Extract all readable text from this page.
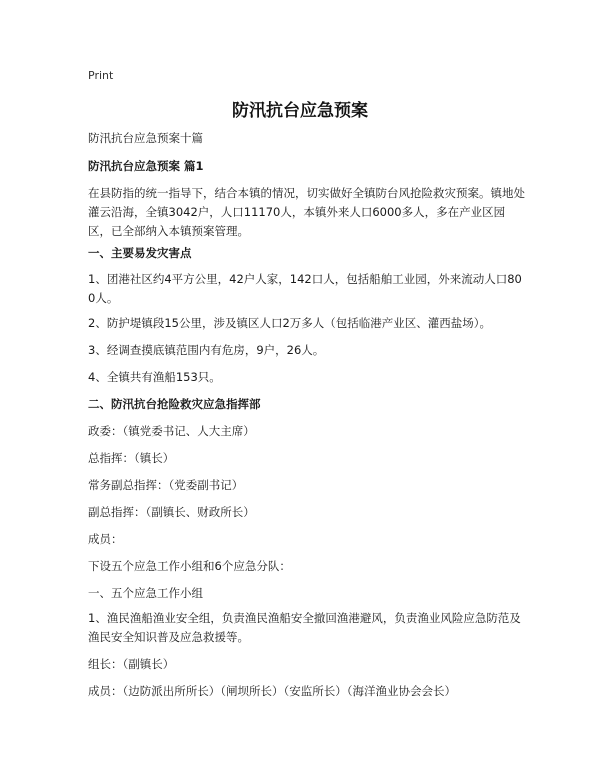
Print
防汛抗台应急预案
防汛抗台应急预案十篇
防汛抗台应急预案 篇1
在县防指的统一指导下，结合本镇的情况，切实做好全镇防台风抢险救灾预案。镇地处灌云沿海，全镇3042户，人口11170人，本镇外来人口6000多人，多在产业区园区，已全部纳入本镇预案管理。
一、主要易发灾害点
1、团港社区约4平方公里，42户人家，142口人，包括船舶工业园，外来流动人口800人。
2、防护堤镇段15公里，涉及镇区人口2万多人（包括临港产业区、灌西盐场）。
3、经调查摸底镇范围内有危房，9户，26人。
4、全镇共有渔船153只。
二、防汛抗台抢险救灾应急指挥部
政委：（镇党委书记、人大主席）
总指挥：（镇长）
常务副总指挥：（党委副书记）
副总指挥：（副镇长、财政所长）
成员：
下设五个应急工作小组和6个应急分队：
一、五个应急工作小组
1、渔民渔船渔业安全组，负责渔民渔船安全撤回渔港避风，负责渔业风险应急防范及渔民安全知识普及应急救援等。
组长：（副镇长）
成员：（边防派出所所长）（闸坝所长）（安监所长）（海洋渔业协会会长）
